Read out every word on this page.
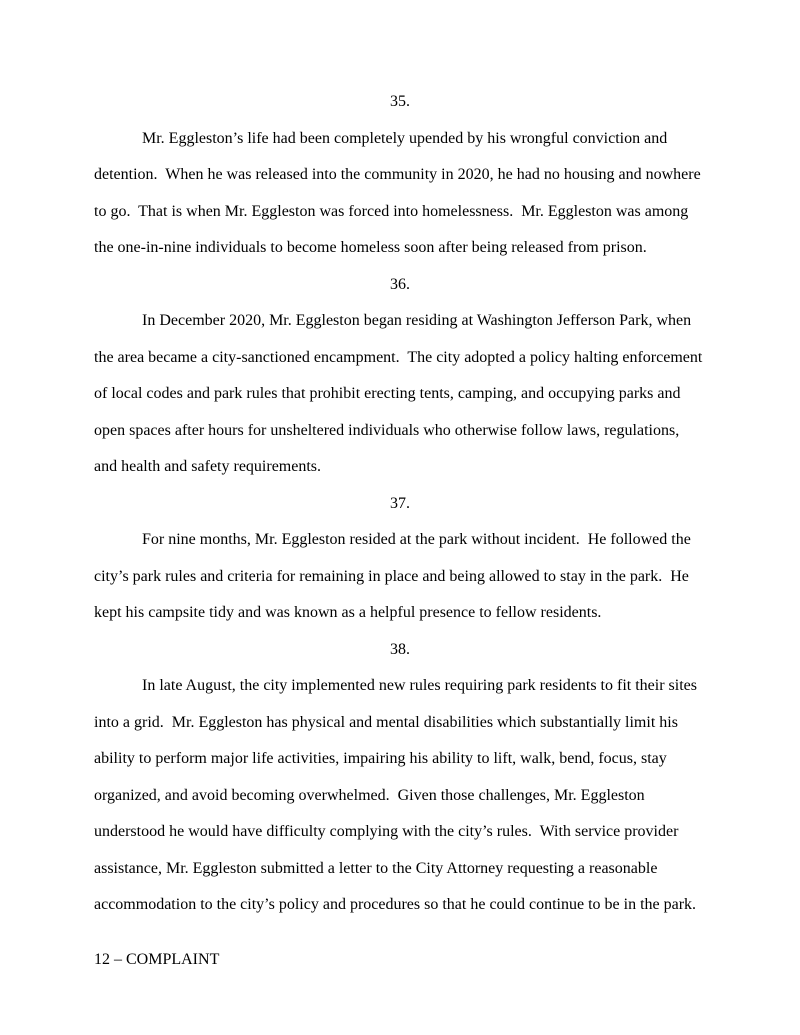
35.

Mr. Eggleston’s life had been completely upended by his wrongful conviction and detention.  When he was released into the community in 2020, he had no housing and nowhere to go.  That is when Mr. Eggleston was forced into homelessness.  Mr. Eggleston was among the one-in-nine individuals to become homeless soon after being released from prison.

36.

In December 2020, Mr. Eggleston began residing at Washington Jefferson Park, when the area became a city-sanctioned encampment.  The city adopted a policy halting enforcement of local codes and park rules that prohibit erecting tents, camping, and occupying parks and open spaces after hours for unsheltered individuals who otherwise follow laws, regulations, and health and safety requirements.

37.

For nine months, Mr. Eggleston resided at the park without incident.  He followed the city’s park rules and criteria for remaining in place and being allowed to stay in the park.  He kept his campsite tidy and was known as a helpful presence to fellow residents.

38.

In late August, the city implemented new rules requiring park residents to fit their sites into a grid.  Mr. Eggleston has physical and mental disabilities which substantially limit his ability to perform major life activities, impairing his ability to lift, walk, bend, focus, stay organized, and avoid becoming overwhelmed.  Given those challenges, Mr. Eggleston understood he would have difficulty complying with the city’s rules.  With service provider assistance, Mr. Eggleston submitted a letter to the City Attorney requesting a reasonable accommodation to the city’s policy and procedures so that he could continue to be in the park.

12 – COMPLAINT
